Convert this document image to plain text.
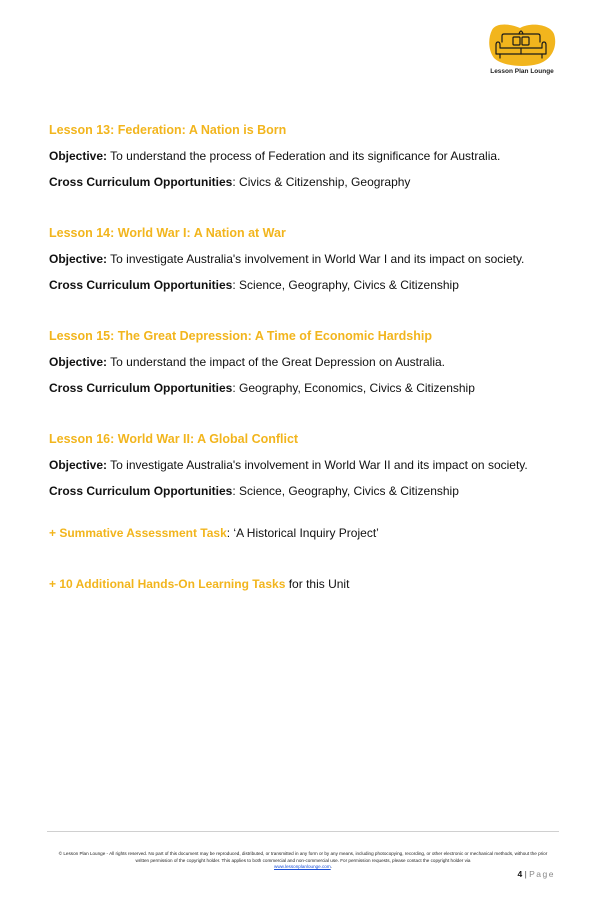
Lesson Plan Lounge
Lesson 13: Federation: A Nation is Born
Objective: To understand the process of Federation and its significance for Australia.
Cross Curriculum Opportunities: Civics & Citizenship, Geography
Lesson 14: World War I: A Nation at War
Objective: To investigate Australia's involvement in World War I and its impact on society.
Cross Curriculum Opportunities: Science, Geography, Civics & Citizenship
Lesson 15: The Great Depression: A Time of Economic Hardship
Objective: To understand the impact of the Great Depression on Australia.
Cross Curriculum Opportunities: Geography, Economics, Civics & Citizenship
Lesson 16: World War II: A Global Conflict
Objective: To investigate Australia's involvement in World War II and its impact on society.
Cross Curriculum Opportunities: Science, Geography, Civics & Citizenship
+ Summative Assessment Task: ‘A Historical Inquiry Project’
+ 10 Additional Hands-On Learning Tasks for this Unit
© Lesson Plan Lounge - All rights reserved. No part of this document may be reproduced, distributed, or transmitted in any form or by any means, including photocopying, recording, or other electronic or mechanical methods, without the prior written permission of the copyright holder. This applies to both commercial and non-commercial use. For permission requests, please contact the copyright holder via
www.lessonplanlounge.com.
4 | Page
